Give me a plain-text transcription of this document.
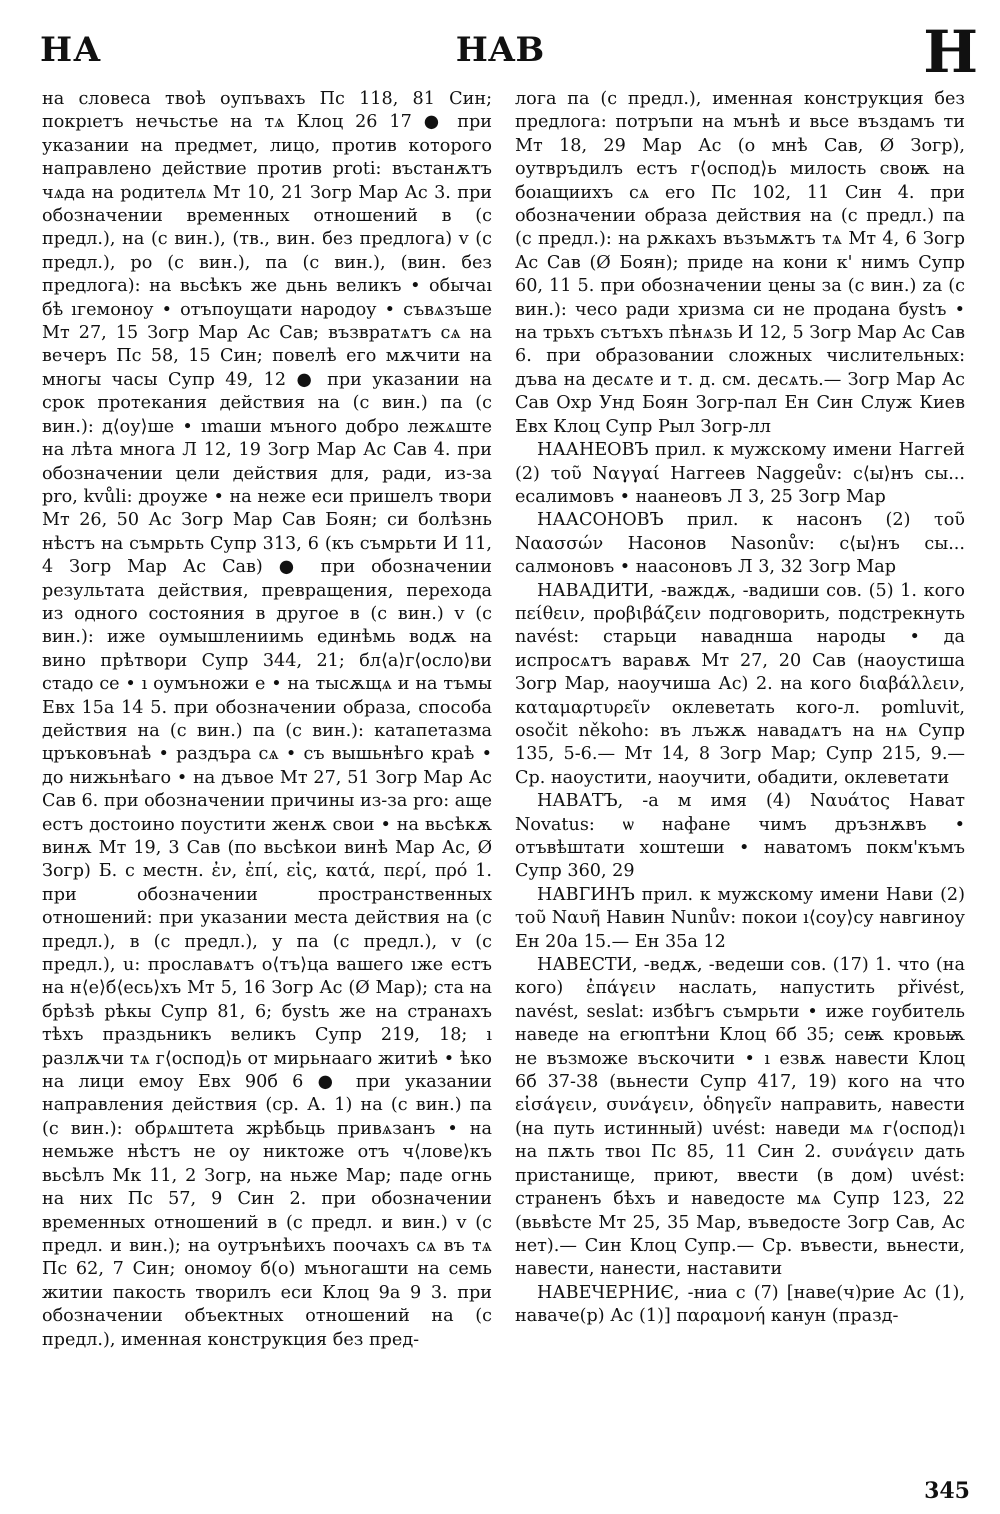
НА	НАВ	Н

на словеса твоѣ оупъвахъ Пс 118, 81 Син; покрıетъ нечьстье на тѧ Клоц 26 17 ● при указании на предмет, лицо, против которого направлено действие против proti: въстанѫтъ чѧда на родителѧ Мт 10, 21 Зогр Мар Ас 3. при обозначении временных отношений в (с предл.), на (с вин.), (тв., вин. без предлога) v (с предл.), ро (с вин.), па (с вин.), (вин. без предлога): на вьсѣкъ же дьнь великъ • обычаı бѣ ıгемоноу • отъпоущати народоу • съвѧзъше Мт 27, 15 Зогр Мар Ас Сав; възвратѧтъ сѧ на вечеръ Пс 58, 15 Син; повелѣ его мѫчити на многы часы Супр 49, 12 ● при указании на срок протекания действия на (с вин.) па (с вин.): д⟨оу⟩ше • ımаши мъного добро лежѧште на лѣта многа Л 12, 19 Зогр Мар Ас Сав 4. при обозначении цели действия для, ради, из-за pro, kvůli: дроуже • на неже еси пришелъ твори Мт 26, 50 Ас Зогр Мар Сав Боян; си болѣзнь нѣстъ на съмрьть Супр 313, 6 (къ съмрьти И 11, 4 Зогр Мар Ас Сав) ● при обозначении результата действия, превращения, перехода из одного состояния в другое в (с вин.) v (с вин.): иже оумышлениимь единѣмь водѫ на вино прѣтвори Супр 344, 21; бл⟨а⟩г⟨осло⟩ви стадо се • ı оумъножи е • на тысѫщѧ и на тъмы Евх 15а 14 5. при обозначении образа, способа действия на (с вин.) па (с вин.): катапетазма цръковънаѣ • раздъра сѧ • съ вышьнѣго краѣ • до нижьнѣаго • на дъвое Мт 27, 51 Зогр Мар Ас Сав 6. при обозначении причины из-за pro: аще естъ достоино поустити женѫ свои • на вьсѣкѫ винѫ Мт 19, 3 Сав (по вьсѣкои винѣ Мар Ас, Ø Зогр) Б. с местн. ἐν, ἐπί, εἰς, κατά, περί, πρό 1. при обозначении пространственных отношений: при указании места действия на (с предл.), в (с предл.), у па (с предл.), v (с предл.), u: прославѧтъ о⟨тъ⟩ца вашего ıже естъ на н⟨е⟩б⟨есь⟩хъ Мт 5, 16 Зогр Ас (Ø Мар); ста на брѣзѣ рѣкы Супр 81, 6; бystъ же на странахъ тѣхъ праздьникъ великъ Супр 219, 18; ı разлѫчи тѧ г⟨оспод⟩ь от мирьнааго житиѣ • ѣко на лици емоу Евх 90б 6 ● при указании направления действия (ср. А. 1) на (с вин.) па (с вин.): обрѧштета жрѣбьць привѧзанъ • на немьже нѣстъ не оу никтоже отъ ч⟨лове⟩къ вьсѣлъ Мк 11, 2 Зогр, на ньже Мар; паде огнь на них Пс 57, 9 Син 2. при обозначении временных отношений в (с предл. и вин.) v (с предл. и вин.); на оутрънѣихъ поочахъ сѧ въ тѧ Пс 62, 7 Син; ономоу б(о) мъногашти на семь житии пакость творилъ еси Клоц 9а 9 3. при обозначении объектных отношений на (с предл.), именная конструкция без пред-

лога па (с предл.), именная конструкция без предлога: потръпи на мънѣ и вьсе въздамъ ти Мт 18, 29 Мар Ас (о мнѣ Сав, Ø Зогр), оутвръдилъ естъ г⟨оспод⟩ь милость своѭ на боıащиихъ сѧ его Пс 102, 11 Син 4. при обозначении образа действия на (с предл.) па (с предл.): на рѫкахъ възъмѫтъ тѧ Мт 4, 6 Зогр Ас Сав (Ø Боян); приде на кони к' нимъ Супр 60, 11 5. при обозначении цены за (с вин.) za (с вин.): чесо ради хризма си не продана бystъ • на трьхъ сътъхъ пѣнѧзь И 12, 5 Зогр Мар Ас Сав 6. при образовании сложных числительных: дъва на десѧте и т. д. см. десѧть.— Зогр Мар Ас Сав Охр Унд Боян Зогр-пал Ен Син Служ Киев Евх Клоц Супр Рыл Зогр-лл

НААНЕОВЪ прил. к мужскому имени Наггей (2) τοῦ Ναγγαί Наггеев Naggeův: с⟨ы⟩нъ сы... есалимовъ • наанеовъ Л 3, 25 Зогр Мар

НААСОНОВЪ прил. к насонъ (2) τοῦ Ναασσών Насонов Nasonův: с⟨ы⟩нъ сы... салмоновъ • наасоновъ Л 3, 32 Зогр Мар

НАВАДИТИ, -важдѫ, -вадиши сов. (5) 1. кого πείθειν, προβιβάζειν подговорить, подстрекнуть navést: старьци наваднша народы • да испросѧтъ варавѫ Мт 27, 20 Сав (наоустиша Зогр Мар, наоучиша Ас) 2. на кого διαβάλλειν, καταμαρτυρεῖν оклеветать кого-л. pomluvit, osočit někoho: въ лъжѫ навадѧтъ на нѧ Супр 135, 5-6.— Мт 14, 8 Зогр Мар; Супр 215, 9.— Ср. наоустити, наоучити, обадити, оклеветати

НАВАТЪ, -а м имя (4) Ναυάτος Нават Novatus: ѡ нафане чимъ дръзнѫвъ • отъвѣштати хоштеши • наватомъ покм'къмъ Супр 360, 29

НАВГИНЪ прил. к мужскому имени Нави (2) τοῦ Ναυῆ Навин Nunův: покои ı⟨соу⟩су навгиноу Ен 20а 15.— Ен 35а 12

НАВЕСТИ, -ведѫ, -ведеши сов. (17) 1. что (на кого) ἐπάγειν наслать, напустить přivést, navést, seslat: избѣгъ съмрьти • иже гоубитель наведе на егюптѣни Клоц 6б 35; сеѭ кровьѭ не възможе въскочити • ı езвѫ навести Клоц 6б 37-38 (вьнести Супр 417, 19) кого на что εἰσάγειν, συνάγειν, ὁδηγεῖν направить, навести (на путь истинный) uvést: наведи мѧ г⟨оспод⟩ı на пѫть твоı Пс 85, 11 Син 2. συνάγειν дать пристанище, приют, ввести (в дом) uvést: страненъ бѣхъ и наведосте мѧ Супр 123, 22 (вьвѣсте Мт 25, 35 Мар, въведосте Зогр Сав, Ас нет).— Син Клоц Супр.— Ср. въвести, вьнести, навести, нанести, наставити

НАВЕЧЕРНИЄ, -ниа с (7) [наве(ч)рие Ас (1), наваче(р) Ас (1)] παραμονή канун (празд-

345
